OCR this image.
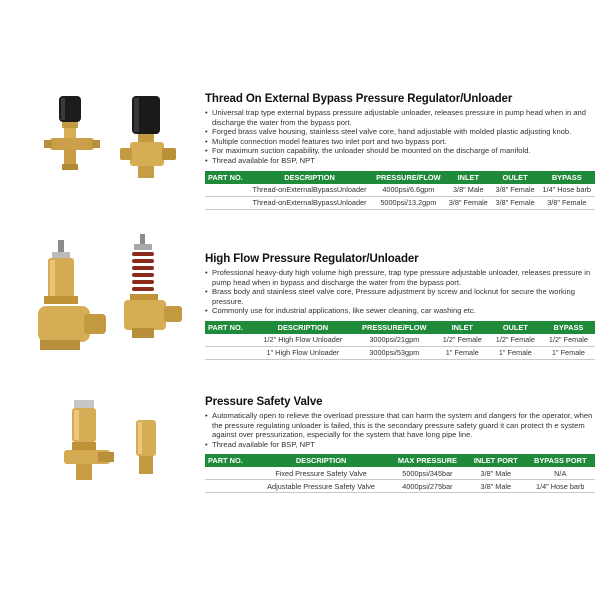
Thread On External Bypass Pressure Regulator/Unloader
• Universal trap type external bypass pressure adjustable unloader, releases pressure in pump head when in and discharge the water from the bypass port.
• Forged brass valve housing, stainless steel valve core, hand adjustable with molded plastic adjusting knob.
• Multiple connection model features two inlet port and two bypass port.
• For maximum suction capability, the unloader should be mounted on the discharge of manifold.
• Thread available for BSP, NPT
PART NO.	DESCRIPTION	PRESSURE/FLOW	INLET	OULET	BYPASS
	Thread-onExternalBypassUnloader	4000psi/6.6gpm	3/8" Male	3/8" Female	1/4" Hose barb
	Thread-onExternalBypassUnloader	5000psi/13.2gpm	3/8" Female	3/8" Female	3/8" Female
High Flow Pressure Regulator/Unloader
• Professional heavy-duty high volume high pressure, trap type pressure adjustable unloader, releases pressure in pump head when in bypass and discharge the water from the bypass port.
• Brass body and stainless steel valve core, Pressure adjustment by screw and locknut for secure the working pressure.
• Commonly use for industrial applications, like sewer cleaning, car washing etc.
PART NO.	DESCRIPTION	PRESSURE/FLOW	INLET	OULET	BYPASS
	1/2" High Flow Unloader	3000psi/21gpm	1/2" Female	1/2" Female	1/2" Female
	1" High Flow Unloader	3000psi/53gpm	1" Female	1" Female	1" Female
Pressure Safety Valve
• Automatically open to relieve the overload pressure that can harm the system and dangers for the operator, when the pressure regulating unloader is failed, this is the secondary pressure safety guard it can protect th e system against over pressurization, especially for the system that have long pipe line.
• Thread available for BSP, NPT
PART NO.	DESCRIPTION	MAX PRESSURE	INLET PORT	BYPASS PORT
	Fixed Pressure Safety Valve	5000psi/345bar	3/8" Male	N/A
	Adjustable Pressure Safety Valve	4000psi/275bar	3/8" Male	1/4" Hose barb
